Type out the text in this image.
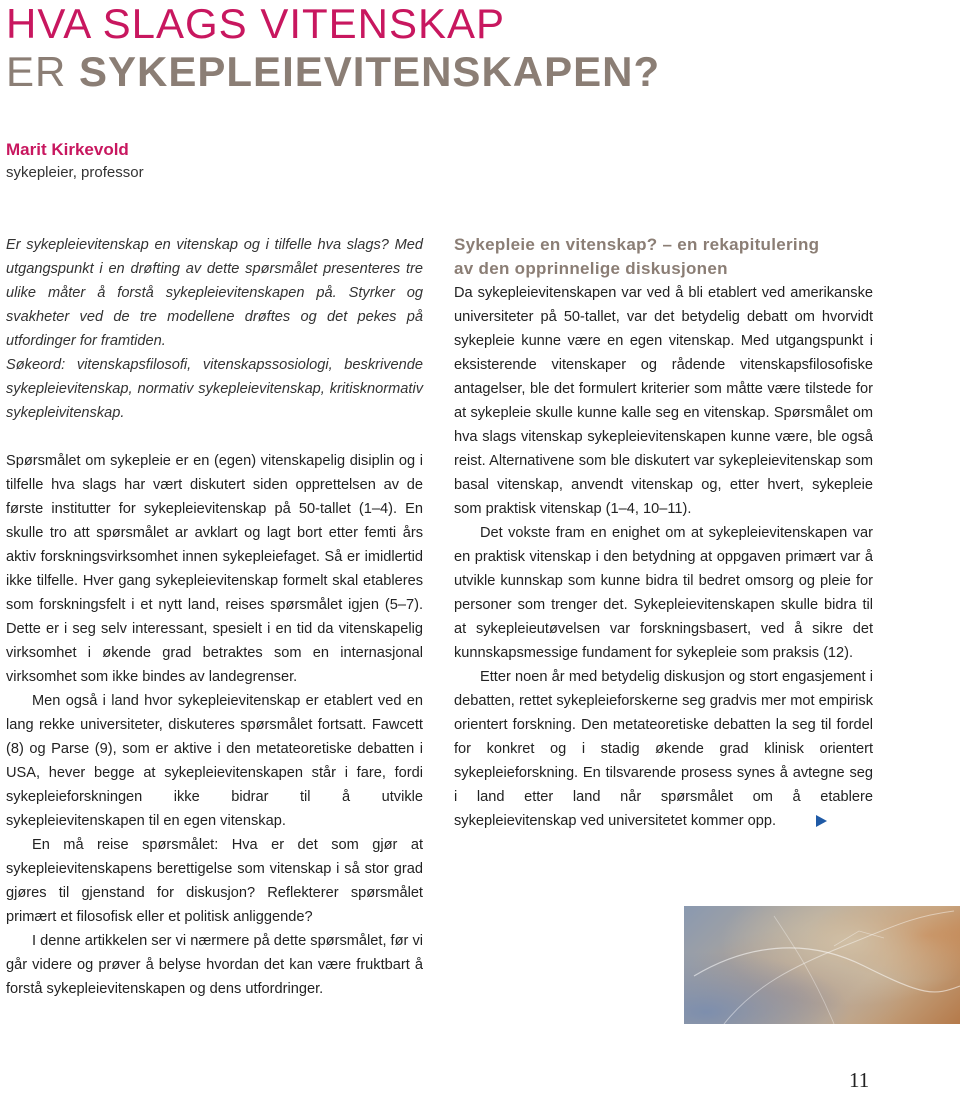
HVA SLAGS VITENSKAP
ER SYKEPLEIEVITENSKAPEN?
Marit Kirkevold
sykepleier, professor

Er sykepleievitenskap en vitenskap og i tilfelle hva slags? Med utgangspunkt i en drøfting av dette spørsmålet presenteres tre ulike måter å forstå sykepleievitenskapen på. Styrker og svakheter ved de tre modellene drøftes og det pekes på utfordinger for framtiden.

Søkeord: vitenskapsfilosofi, vitenskapssosiologi, beskrivende sykepleievitenskap, normativ sykepleievitenskap, kritisknormativ sykepleivitenskap.

Spørsmålet om sykepleie er en (egen) vitenskapelig disiplin og i tilfelle hva slags har vært diskutert siden opprettelsen av de første institutter for sykepleievitenskap på 50-tallet (1–4). En skulle tro att spørsmålet ar avklart og lagt bort etter femti års aktiv forskningsvirksomhet innen sykepleiefaget. Så er imidlertid ikke tilfelle. Hver gang sykepleievitenskap formelt skal etableres som forskningsfelt i et nytt land, reises spørsmålet igjen (5–7). Dette er i seg selv interessant, spesielt i en tid da vitenskapelig virksomhet i økende grad betraktes som en internasjonal virksomhet som ikke bindes av landegrenser.

Men også i land hvor sykepleievitenskap er etablert ved en lang rekke universiteter, diskuteres spørsmålet fortsatt. Fawcett (8) og Parse (9), som er aktive i den metateoretiske debatten i USA, hever begge at sykepleievitenskapen står i fare, fordi sykepleieforskningen ikke bidrar til å utvikle sykepleievitenskapen til en egen vitenskap.

En må reise spørsmålet: Hva er det som gjør at sykepleievitenskapens berettigelse som vitenskap i så stor grad gjøres til gjenstand for diskusjon? Reflekterer spørsmålet primært et filosofisk eller et politisk anliggende?

I denne artikkelen ser vi nærmere på dette spørsmålet, før vi går videre og prøver å belyse hvordan det kan være fruktbart å forstå sykepleievitenskapen og dens utfordringer.

Sykepleie en vitenskap? – en rekapitulering
av den opprinnelige diskusjonen

Da sykepleievitenskapen var ved å bli etablert ved amerikanske universiteter på 50-tallet, var det betydelig debatt om hvorvidt sykepleie kunne være en egen vitenskap. Med utgangspunkt i eksisterende vitenskaper og rådende vitenskapsfilosofiske antagelser, ble det formulert kriterier som måtte være tilstede for at sykepleie skulle kunne kalle seg en vitenskap. Spørsmålet om hva slags vitenskap sykepleievitenskapen kunne være, ble også reist. Alternativene som ble diskutert var sykepleievitenskap som basal vitenskap, anvendt vitenskap og, etter hvert, sykepleie som praktisk vitenskap (1–4, 10–11).

Det vokste fram en enighet om at sykepleievitenskapen var en praktisk vitenskap i den betydning at oppgaven primært var å utvikle kunnskap som kunne bidra til bedret omsorg og pleie for personer som trenger det. Sykepleievitenskapen skulle bidra til at sykepleieutøvelsen var forskningsbasert, ved å sikre det kunnskapsmessige fundament for sykepleie som praksis (12).

Etter noen år med betydelig diskusjon og stort engasjement i debatten, rettet sykepleieforskerne seg gradvis mer mot empirisk orientert forskning. Den metateoretiske debatten la seg til fordel for konkret og i stadig økende grad klinisk orientert sykepleieforskning. En tilsvarende prosess synes å avtegne seg i land etter land når spørsmålet om å etablere sykepleievitenskap ved universitetet kommer opp.

11
